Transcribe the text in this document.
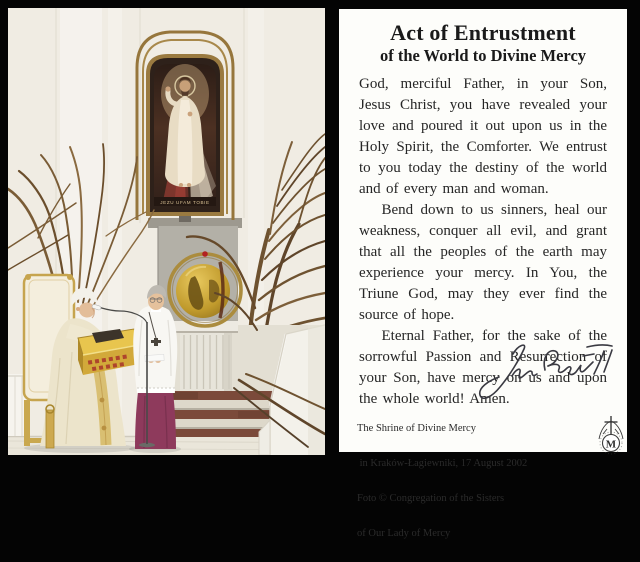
JEZU UFAM TOBIE
Act of Entrustment
of the World to Divine Mercy

God, merciful Father, in your Son, Jesus Christ, you have revealed your love and poured it out upon us in the Holy Spirit, the Comforter. We entrust to you today the destiny of the world and of every man and woman.

Bend down to us sinners, heal our weakness, conquer all evil, and grant that all the peoples of the earth may experience your mercy. In You, the Triune God, may they ever find the source of hope.

Eternal Father, for the sake of the sorrowful Passion and Resurrection of your Son, have mercy on us and upon the whole world! Amen.

The Shrine of Divine Mercy

in Kraków-Łagiewniki, 17 August 2002

Foto © Congregation of the Sisters

of Our Lady of Mercy

M
